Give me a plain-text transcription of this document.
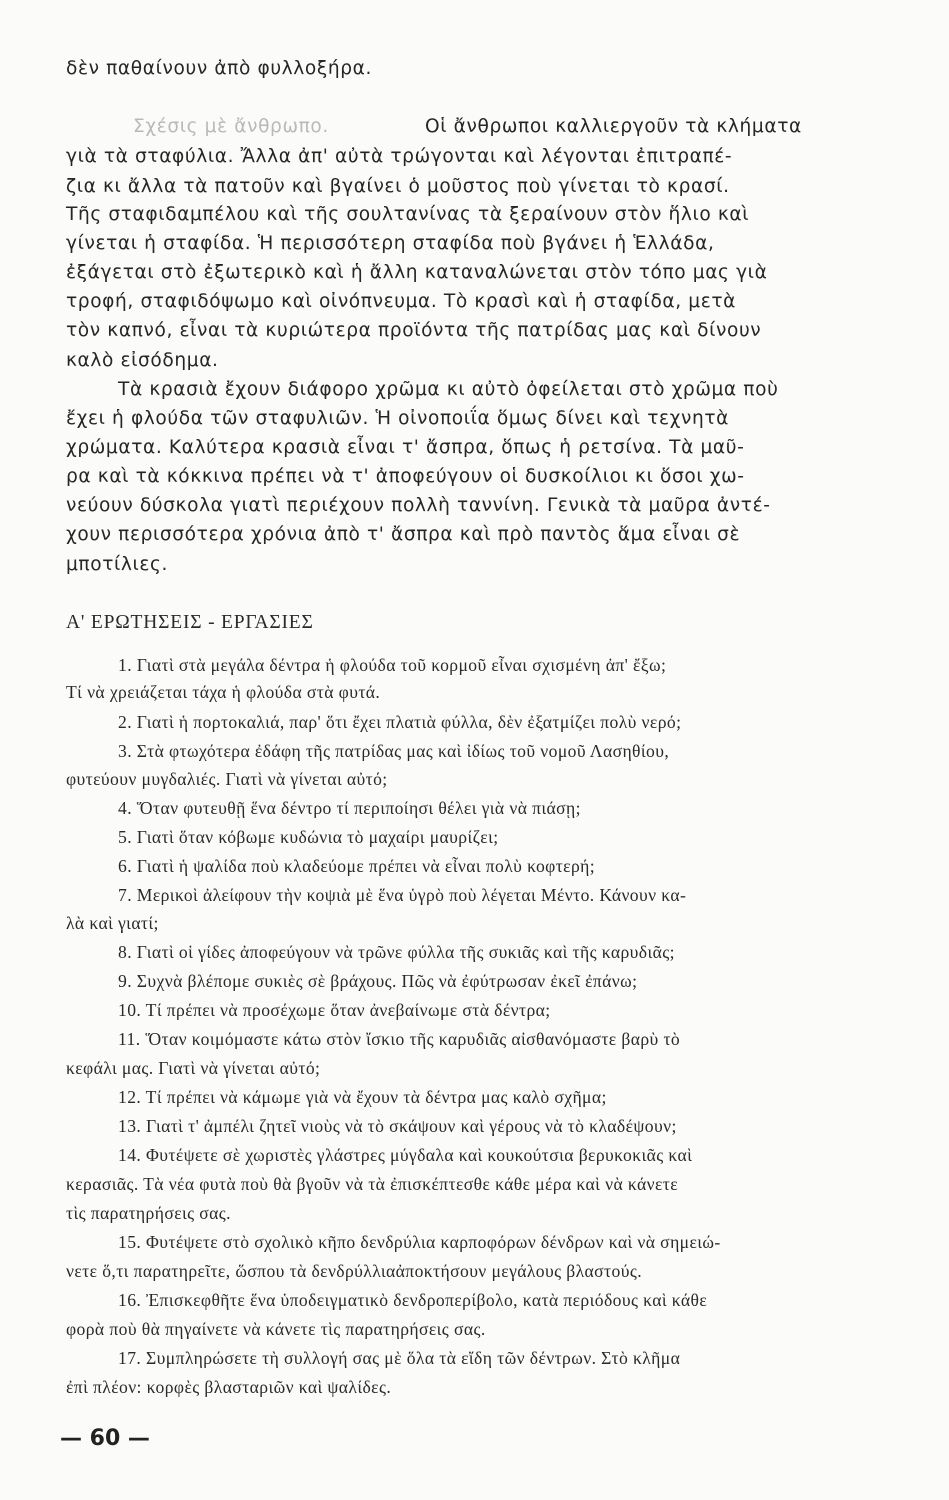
δὲν παθαίνουν ἀπὸ φυλλοξήρα.
Σχέσις μὲ ἄνθρωπο.	Οἱ ἄνθρωποι καλλιεργοῦν τὰ κλήματα
γιὰ τὰ σταφύλια. Ἄλλα ἀπ' αὐτὰ τρώγονται καὶ λέγονται ἐπιτραπέ-
ζια κι ἄλλα τὰ πατοῦν καὶ βγαίνει ὁ μοῦστος ποὺ γίνεται τὸ κρασί.
Τῆς σταφιδαμπέλου καὶ τῆς σουλτανίνας τὰ ξεραίνουν στὸν ἥλιο καὶ
γίνεται ἡ σταφίδα. Ἡ περισσότερη σταφίδα ποὺ βγάνει ἡ Ἑλλάδα,
ἐξάγεται στὸ ἐξωτερικὸ καὶ ἡ ἄλλη καταναλώνεται στὸν τόπο μας γιὰ
τροφή, σταφιδόψωμο καὶ οἰνόπνευμα. Τὸ κρασὶ καὶ ἡ σταφίδα, μετὰ
τὸν καπνό, εἶναι τὰ κυριώτερα προϊόντα τῆς πατρίδας μας καὶ δίνουν
καλὸ εἰσόδημα.
Τὰ κρασιὰ ἔχουν διάφορο χρῶμα κι αὐτὸ ὀφείλεται στὸ χρῶμα ποὺ
ἔχει ἡ φλούδα τῶν σταφυλιῶν. Ἡ οἰνοποιΐα ὅμως δίνει καὶ τεχνητὰ
χρώματα. Καλύτερα κρασιὰ εἶναι τ' ἄσπρα, ὅπως ἡ ρετσίνα. Τὰ μαῦ-
ρα καὶ τὰ κόκκινα πρέπει νὰ τ' ἀποφεύγουν οἱ δυσκοίλιοι κι ὅσοι χω-
νεύουν δύσκολα γιατὶ περιέχουν πολλὴ ταννίνη. Γενικὰ τὰ μαῦρα ἀντέ-
χουν περισσότερα χρόνια ἀπὸ τ' ἄσπρα καὶ πρὸ παντὸς ἅμα εἶναι σὲ
μποτίλιες.
Α' ΕΡΩΤΗΣΕΙΣ - ΕΡΓΑΣΙΕΣ
1. Γιατὶ στὰ μεγάλα δέντρα ἡ φλούδα τοῦ κορμοῦ εἶναι σχισμένη ἀπ' ἔξω;
Τί νὰ χρειάζεται τάχα ἡ φλούδα στὰ φυτά.
2. Γιατὶ ἡ πορτοκαλιά, παρ' ὅτι ἔχει πλατιὰ φύλλα, δὲν ἐξατμίζει πολὺ νερό;
3. Στὰ φτωχότερα ἐδάφη τῆς πατρίδας μας καὶ ἰδίως τοῦ νομοῦ Λασηθίου,
φυτεύουν μυγδαλιές. Γιατὶ νὰ γίνεται αὐτό;
4. Ὅταν φυτευθῇ ἕνα δέντρο τί περιποίησι θέλει γιὰ νὰ πιάσῃ;
5. Γιατὶ ὅταν κόβωμε κυδώνια τὸ μαχαίρι μαυρίζει;
6. Γιατὶ ἡ ψαλίδα ποὺ κλαδεύομε πρέπει νὰ εἶναι πολὺ κοφτερή;
7. Μερικοὶ ἀλείφουν τὴν κοψιὰ μὲ ἕνα ὑγρὸ ποὺ λέγεται Μέντο. Κάνουν κα-
λὰ καὶ γιατί;
8. Γιατὶ οἱ γίδες ἀποφεύγουν νὰ τρῶνε φύλλα τῆς συκιᾶς καὶ τῆς καρυδιᾶς;
9. Συχνὰ βλέπομε συκιὲς σὲ βράχους. Πῶς νὰ ἐφύτρωσαν ἐκεῖ ἐπάνω;
10. Τί πρέπει νὰ προσέχωμε ὅταν ἀνεβαίνωμε στὰ δέντρα;
11. Ὅταν κοιμόμαστε κάτω στὸν ἴσκιο τῆς καρυδιᾶς αἰσθανόμαστε βαρὺ τὸ
κεφάλι μας. Γιατὶ νὰ γίνεται αὐτό;
12. Τί πρέπει νὰ κάμωμε γιὰ νὰ ἔχουν τὰ δέντρα μας καλὸ σχῆμα;
13. Γιατὶ τ' ἀμπέλι ζητεῖ νιοὺς νὰ τὸ σκάψουν καὶ γέρους νὰ τὸ κλαδέψουν;
14. Φυτέψετε σὲ χωριστὲς γλάστρες μύγδαλα καὶ κουκούτσια βερυκοκιᾶς καὶ
κερασιᾶς. Τὰ νέα φυτὰ ποὺ θὰ βγοῦν νὰ τὰ ἐπισκέπτεσθε κάθε μέρα καὶ νὰ κάνετε
τὶς παρατηρήσεις σας.
15. Φυτέψετε στὸ σχολικὸ κῆπο δενδρύλια καρποφόρων δένδρων καὶ νὰ σημειώ-
νετε ὅ,τι παρατηρεῖτε, ὥσπου τὰ δενδρύλλιαἀποκτήσουν μεγάλους βλαστούς.
16. Ἐπισκεφθῆτε ἕνα ὑποδειγματικὸ δενδροπερίβολο, κατὰ περιόδους καὶ κάθε
φορὰ ποὺ θὰ πηγαίνετε νὰ κάνετε τὶς παρατηρήσεις σας.
17. Συμπληρώσετε τὴ συλλογή σας μὲ ὅλα τὰ εἴδη τῶν δέντρων. Στὸ κλῆμα
ἐπὶ πλέον: κορφὲς βλασταριῶν καὶ ψαλίδες.
— 60 —
